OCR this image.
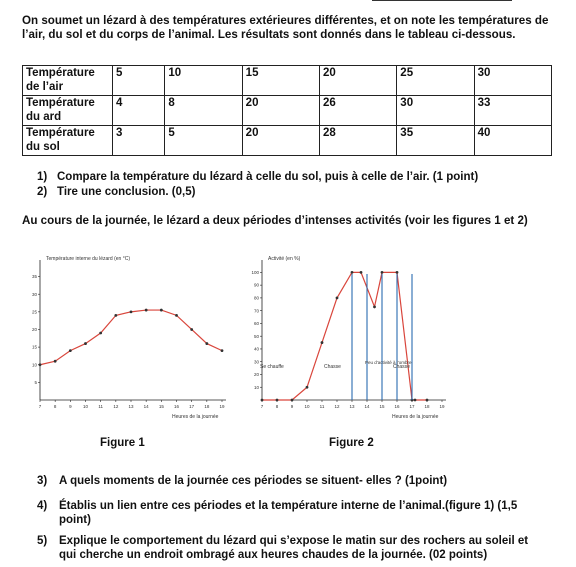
On soumet un lézard à des températures extérieures différentes, et on note les températures de l’air, du sol et du corps de l’animal. Les résultats sont donnés dans le tableau ci-dessous.
Température de l’air	5	10	15	20	25	30
Température du ard	4	8	20	26	30	33
Température du sol	3	5	20	28	35	40
1) Compare la température du lézard à celle du sol, puis à celle de l’air. (1 point)
2) Tire une conclusion. (0,5)
Au cours de la journée, le lézard a deux périodes d’intenses activités (voir les figures 1 et 2)
Température interne du lézard (en °C)
Heures de la journée
7	8	9	10 11 12 13 14 15 16 17 18 19
5
10
15
20
25
30
35
Activité (en %)
Heures de la journée
7	8	9 10 11 12 13 14 15 16 17 18 19
10
20
30
40
50
60
70
80
90
100
Se chauffe	Chasse
Peu d’activité à l’ombre
Chasse
Figure 1	Figure 2
3)	A quels moments de la journée ces périodes se situent- elles ? (1point)
4)	Établis un lien entre ces périodes et la température interne de l’animal.(figure 1) (1,5 point)
5)	Explique le comportement du lézard qui s’expose le matin sur des rochers au soleil et qui cherche un endroit ombragé aux heures chaudes de la journée. (02 points)
